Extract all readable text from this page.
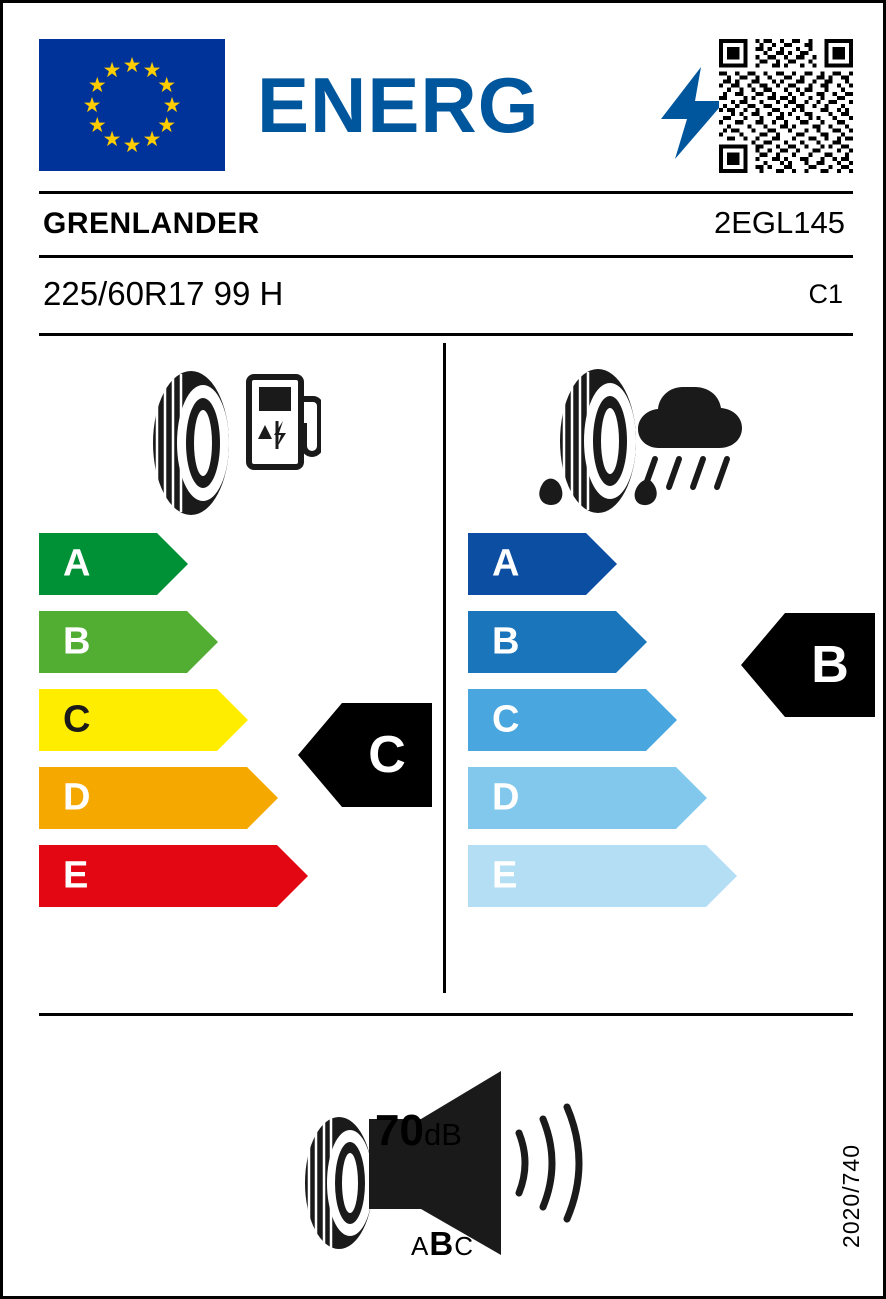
★ ★
★
★
★
★
★
★
★
★
★
★ ENERG
GRENLANDER	2EGL145
225/60R17 99 H	C1
A
B
C
D
E
C
A
B
C
D
E
B
70dB
ABC	2020/740
